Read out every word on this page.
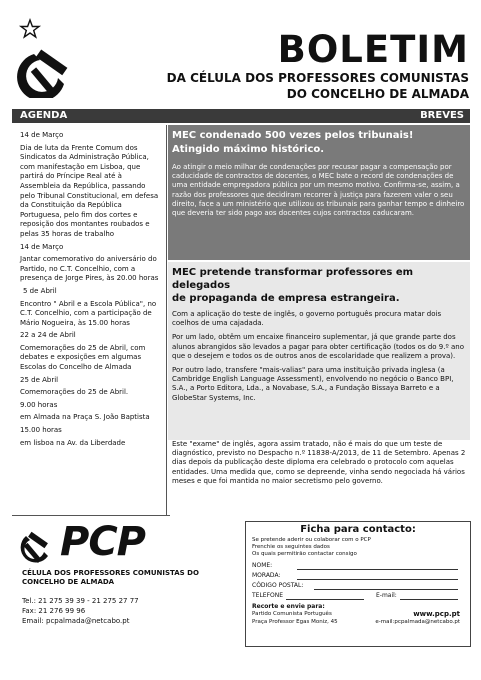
BOLETIM
DA CÉLULA DOS PROFESSORES COMUNISTAS
DO CONCELHO DE ALMADA
AGENDA	BREVES
14 de Março
Dia de luta da Frente Comum dos Sindicatos da Administração Pública, com manifestação em Lisboa, que partirá do Príncipe Real até à Assembleia da República, passando pelo Tribunal Constitucional, em defesa da Constituição da República Portuguesa, pelo fim dos cortes e reposição dos montantes roubados e pelas 35 horas de trabalho
14 de Março
Jantar comemorativo do aniversário do Partido, no C.T. Concelhio, com a presença de Jorge Pires, às 20.00 horas
5 de Abril
Encontro " Abril e a Escola Pública", no C.T. Concelhio, com a participação de Mário Nogueira, às 15.00 horas
22 a 24 de Abril
Comemorações do 25 de Abril, com debates e exposições em algumas Escolas do Concelho de Almada
25 de Abril
Comemorações do 25 de Abril.
9.00 horas
em Almada na Praça S. João Baptista
15.00 horas
em lisboa na Av. da Liberdade
MEC condenado 500 vezes pelos tribunais!
Atingido máximo histórico.
Ao atingir o meio milhar de condenações por recusar pagar a compensação por caducidade de contractos de docentes, o MEC bate o record de condenações de uma entidade empregadora pública por um mesmo motivo. Confirma-se, assim, a razão dos professores que decidiram recorrer à justiça para fazerem valer o seu direito, face a um ministério que utilizou os tribunais para ganhar tempo e dinheiro que deveria ter sido pago aos docentes cujos contractos caducaram.
MEC pretende transformar professores em delegados
de propaganda de empresa estrangeira.
Com a aplicação do teste de inglês, o governo português procura matar dois coelhos de uma cajadada.
Por um lado, obtêm um encaixe financeiro suplementar, já que grande parte dos alunos abrangidos são levados a pagar para obter certificação (todos os do 9.º ano que o desejem e todos os de outros anos de escolaridade que realizem a prova).
Por outro lado, transfere "mais-valias" para uma instituição privada inglesa (a Cambridge English Language Assessment), envolvendo no negócio o Banco BPI, S.A., a Porto Editora, Lda., a Novabase, S.A., a Fundação Bissaya Barreto e a GlobeStar Systems, Inc.
Este "exame" de inglês, agora assim tratado, não é mais do que um teste de diagnóstico, previsto no Despacho n.º 11838-A/2013, de 11 de Setembro. Apenas 2 dias depois da publicação deste diploma era celebrado o protocolo com aquelas entidades. Uma medida que, como se depreende, vinha sendo negociada há vários meses e que foi mantida no maior secretismo pelo governo.
PCP
CÉLULA DOS PROFESSORES COMUNISTAS DO
CONCELHO DE ALMADA
Tel.: 21 275 39 39 - 21 275 27 77
Fax: 21 276 99 96
Email: pcpalmada@netcabo.pt
Ficha para contacto:
Se pretende aderir ou colaborar com o PCP
Frenchie os seguintes dados
Os quais permitirão contactar consigo
NOME:
MORADA:
CÓDIGO POSTAL:
TELEFONE	E-mail:
Recorte e envie para:
Partido Comunista Português	www.pcp.pt
Praça Professor Egas Moniz, 45	e-mail:pcpalmada@netcabo.pt
